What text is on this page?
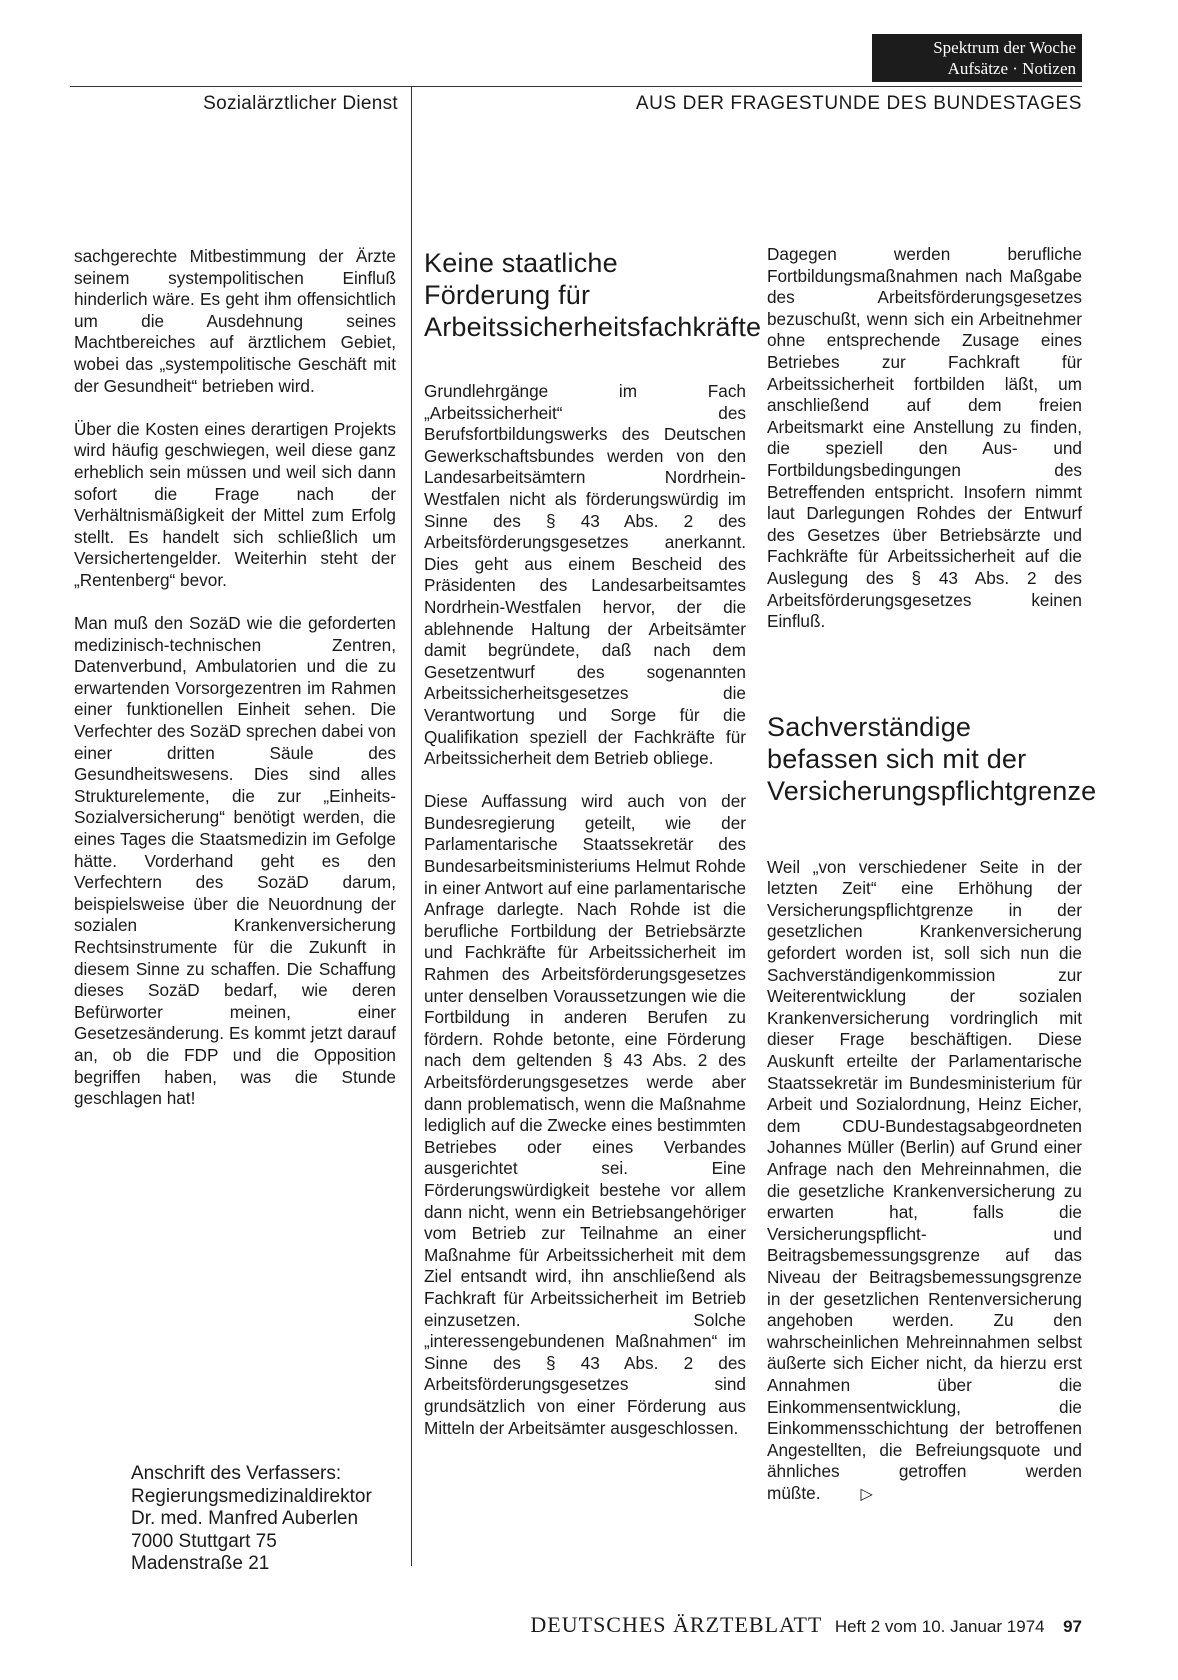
Spektrum der Woche
Aufsätze · Notizen
Sozialärztlicher Dienst	AUS DER FRAGESTUNDE DES BUNDESTAGES

sachgerechte Mitbestimmung der Ärzte seinem systempolitischen Einfluß hinderlich wäre. Es geht ihm offensichtlich um die Ausdehnung seines Machtbereiches auf ärztlichem Gebiet, wobei das „systempolitische Geschäft mit der Gesundheit“ betrieben wird.

Über die Kosten eines derartigen Projekts wird häufig geschwiegen, weil diese ganz erheblich sein müssen und weil sich dann sofort die Frage nach der Verhältnismäßigkeit der Mittel zum Erfolg stellt. Es handelt sich schließlich um Versichertengelder. Weiterhin steht der „Rentenberg“ bevor.

Man muß den SozäD wie die geforderten medizinisch-technischen Zentren, Datenverbund, Ambulatorien und die zu erwartenden Vorsorgezentren im Rahmen einer funktionellen Einheit sehen. Die Verfechter des SozäD sprechen dabei von einer dritten Säule des Gesundheitswesens. Dies sind alles Strukturelemente, die zur „Einheits-Sozialversicherung“ benötigt werden, die eines Tages die Staatsmedizin im Gefolge hätte. Vorderhand geht es den Verfechtern des SozäD darum, beispielsweise über die Neuordnung der sozialen Krankenversicherung Rechtsinstrumente für die Zukunft in diesem Sinne zu schaffen. Die Schaffung dieses SozäD bedarf, wie deren Befürworter meinen, einer Gesetzesänderung. Es kommt jetzt darauf an, ob die FDP und die Opposition begriffen haben, was die Stunde geschlagen hat!

Anschrift des Verfassers:
Regierungsmedizinaldirektor
Dr. med. Manfred Auberlen
7000 Stuttgart 75
Madenstraße 21
Keine staatliche Förderung für Arbeitssicherheitsfachkräfte

Grundlehrgänge im Fach „Arbeitssicherheit“ des Berufsfortbildungswerks des Deutschen Gewerkschaftsbundes werden von den Landesarbeitsämtern Nordrhein-Westfalen nicht als förderungswürdig im Sinne des § 43 Abs. 2 des Arbeitsförderungsgesetzes anerkannt. Dies geht aus einem Bescheid des Präsidenten des Landesarbeitsamtes Nordrhein-Westfalen hervor, der die ablehnende Haltung der Arbeitsämter damit begründete, daß nach dem Gesetzentwurf des sogenannten Arbeitssicherheitsgesetzes die Verantwortung und Sorge für die Qualifikation speziell der Fachkräfte für Arbeitssicherheit dem Betrieb obliege.

Diese Auffassung wird auch von der Bundesregierung geteilt, wie der Parlamentarische Staatssekretär des Bundesarbeitsministeriums Helmut Rohde in einer Antwort auf eine parlamentarische Anfrage darlegte. Nach Rohde ist die berufliche Fortbildung der Betriebsärzte und Fachkräfte für Arbeitssicherheit im Rahmen des Arbeitsförderungsgesetzes unter denselben Voraussetzungen wie die Fortbildung in anderen Berufen zu fördern. Rohde betonte, eine Förderung nach dem geltenden § 43 Abs. 2 des Arbeitsförderungsgesetzes werde aber dann problematisch, wenn die Maßnahme lediglich auf die Zwecke eines bestimmten Betriebes oder eines Verbandes ausgerichtet sei. Eine Förderungswürdigkeit bestehe vor allem dann nicht, wenn ein Betriebsangehöriger vom Betrieb zur Teilnahme an einer Maßnahme für Arbeitssicherheit mit dem Ziel entsandt wird, ihn anschließend als Fachkraft für Arbeitssicherheit im Betrieb einzusetzen. Solche „interessengebundenen Maßnahmen“ im Sinne des § 43 Abs. 2 des Arbeitsförderungsgesetzes sind grundsätzlich von einer Förderung aus Mitteln der Arbeitsämter ausgeschlossen.

Dagegen werden berufliche Fortbildungsmaßnahmen nach Maßgabe des Arbeitsförderungsgesetzes bezuschußt, wenn sich ein Arbeitnehmer ohne entsprechende Zusage eines Betriebes zur Fachkraft für Arbeitssicherheit fortbilden läßt, um anschließend auf dem freien Arbeitsmarkt eine Anstellung zu finden, die speziell den Aus- und Fortbildungsbedingungen des Betreffenden entspricht. Insofern nimmt laut Darlegungen Rohdes der Entwurf des Gesetzes über Betriebsärzte und Fachkräfte für Arbeitssicherheit auf die Auslegung des § 43 Abs. 2 des Arbeitsförderungsgesetzes keinen Einfluß.

Sachverständige befassen sich mit der Versicherungspflichtgrenze

Weil „von verschiedener Seite in der letzten Zeit“ eine Erhöhung der Versicherungspflichtgrenze in der gesetzlichen Krankenversicherung gefordert worden ist, soll sich nun die Sachverständigenkommission zur Weiterentwicklung der sozialen Krankenversicherung vordringlich mit dieser Frage beschäftigen. Diese Auskunft erteilte der Parlamentarische Staatssekretär im Bundesministerium für Arbeit und Sozialordnung, Heinz Eicher, dem CDU-Bundestagsabgeordneten Johannes Müller (Berlin) auf Grund einer Anfrage nach den Mehreinnahmen, die die gesetzliche Krankenversicherung zu erwarten hat, falls die Versicherungspflicht- und Beitragsbemessungsgrenze auf das Niveau der Beitragsbemessungsgrenze in der gesetzlichen Rentenversicherung angehoben werden. Zu den wahrscheinlichen Mehreinnahmen selbst äußerte sich Eicher nicht, da hierzu erst Annahmen über die Einkommensentwicklung, die Einkommensschichtung der betroffenen Angestellten, die Befreiungsquote und ähnliches getroffen werden müßte.	▷

DEUTSCHES ÄRZTEBLATT Heft 2 vom 10. Januar 1974 97
